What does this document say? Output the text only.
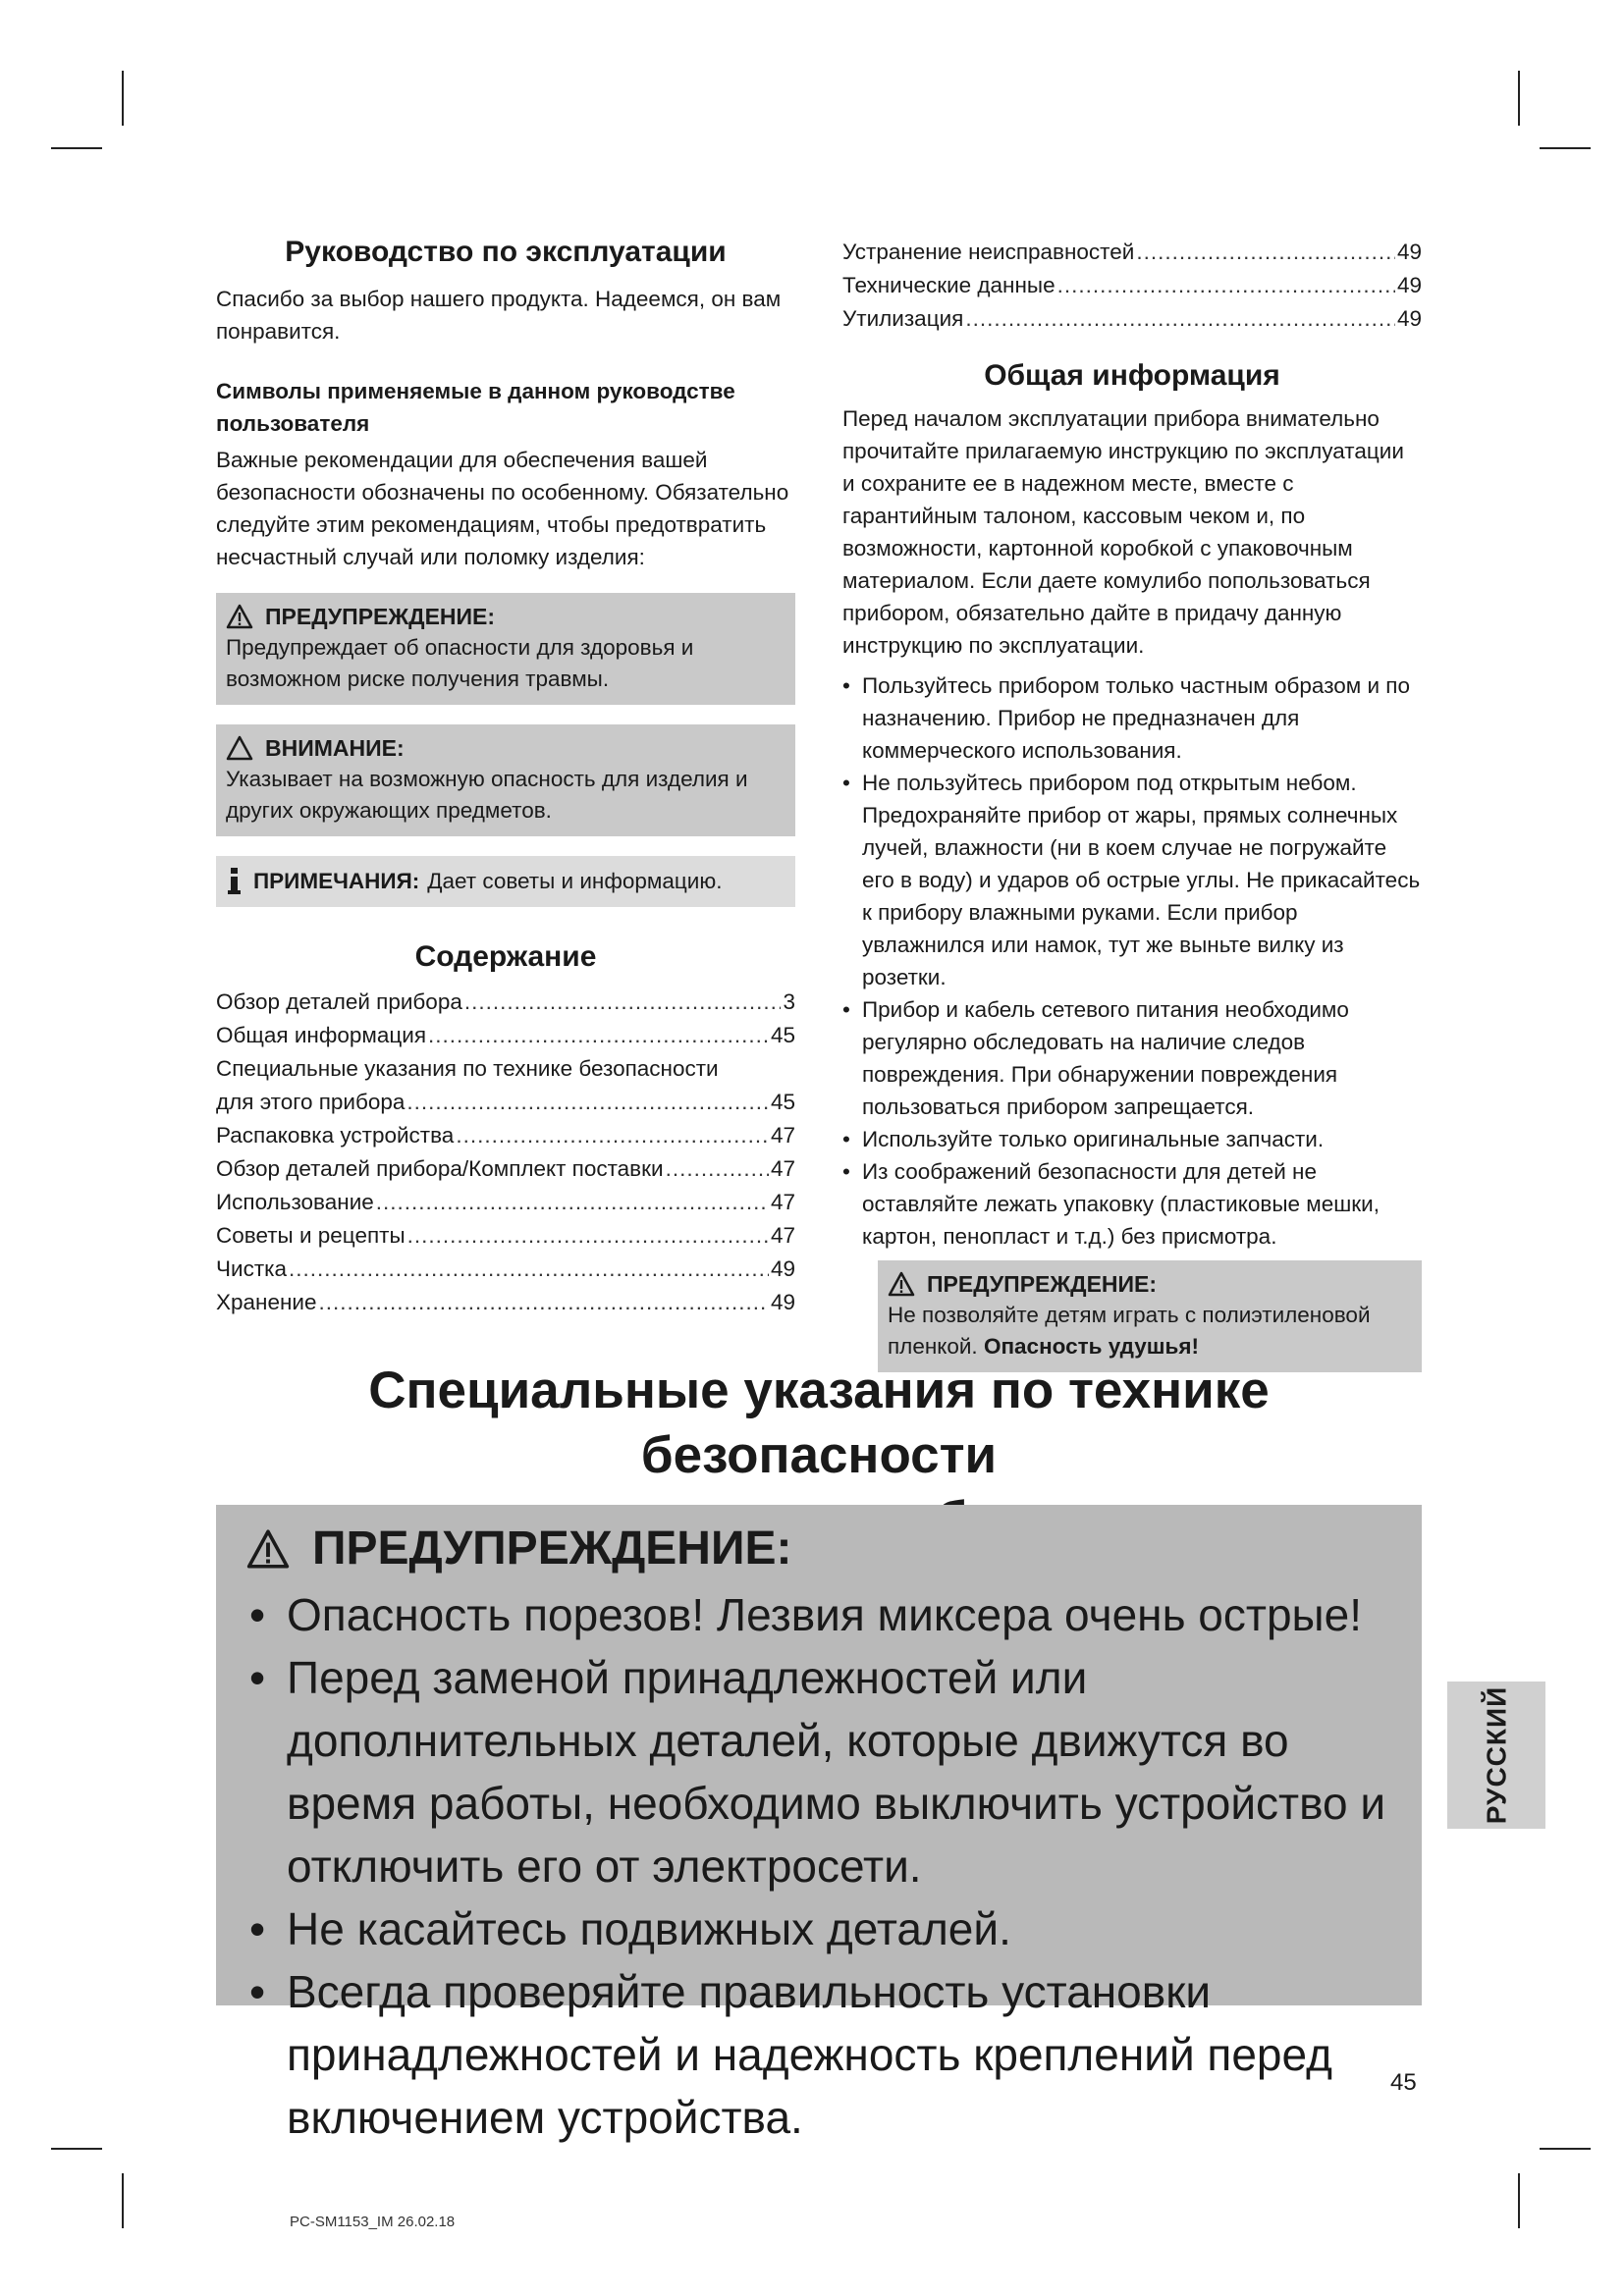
Руководство по эксплуатации

Спасибо за выбор нашего продукта. Надеемся, он вам понравится.

Символы применяемые в данном руководстве пользователя

Важные рекомендации для обеспечения вашей безопасности обозначены по особенному. Обязательно следуйте этим рекомендациям, чтобы предотвратить несчастный случай или поломку изделия:

ПРЕДУПРЕЖДЕНИЕ:
Предупреждает об опасности для здоровья и возможном риске получения травмы.
ВНИМАНИЕ:
Указывает на возможную опасность для изделия и других окружающих предметов.
ПРИМЕЧАНИЯ: Дает советы и информацию.
Содержание
Обзор деталей прибора .....	3
Общая информация .....	45
Специальные указания по технике безопасности
для этого прибора .....	45
Распаковка устройства .....	47
Обзор деталей прибора/Комплект поставки .....	47
Использование .....	47
Советы и рецепты .....	47
Чистка .....	49
Хранение .....	49
Устранение неисправностей .....	49
Технические данные .....	49
Утилизация .....	49
Общая информация

Перед началом эксплуатации прибора внимательно прочитайте прилагаемую инструкцию по эксплуатации и сохраните ее в надежном месте, вместе с гарантийным талоном, кассовым чеком и, по возможности, картонной коробкой с упаковочным материалом. Если даете комулибо попользоваться прибором, обязательно дайте в придачу данную инструкцию по эксплуатации.

• Пользуйтесь прибором только частным образом и по назначению. Прибор не предназначен для коммерческого использования.
• Не пользуйтесь прибором под открытым небом. Предохраняйте прибор от жары, прямых солнечных лучей, влажности (ни в коем случае не погружайте его в воду) и ударов об острые углы. Не прикасайтесь к прибору влажными руками. Если прибор увлажнился или намок, тут же выньте вилку из розетки.
• Прибор и кабель сетевого питания необходимо регулярно обследовать на наличие следов повреждения. При обнаружении повреждения пользоваться прибором запрещается.
• Используйте только оригинальные запчасти.
• Из соображений безопасности для детей не оставляйте лежать упаковку (пластиковые мешки, картон, пенопласт и т.д.) без присмотра.
ПРЕДУПРЕЖДЕНИЕ:
Не позволяйте детям играть с полиэтиленовой пленкой. Опасность удушья!
Специальные указания по технике безопасности
ПРЕДУПРЕЖДЕНИЕ:
• Опасность порезов! Лезвия миксера очень острые!
• Перед заменой принадлежностей или дополнительных деталей, которые движутся во время работы, необходимо выключить устройство и отключить его от электросети.
• Не касайтесь подвижных деталей.
• Всегда проверяйте правильность установки принадлежностей и надежность креплений перед включением устройства.
РУССКИЙ
45
PC-SM1153_IM 26.02.18
